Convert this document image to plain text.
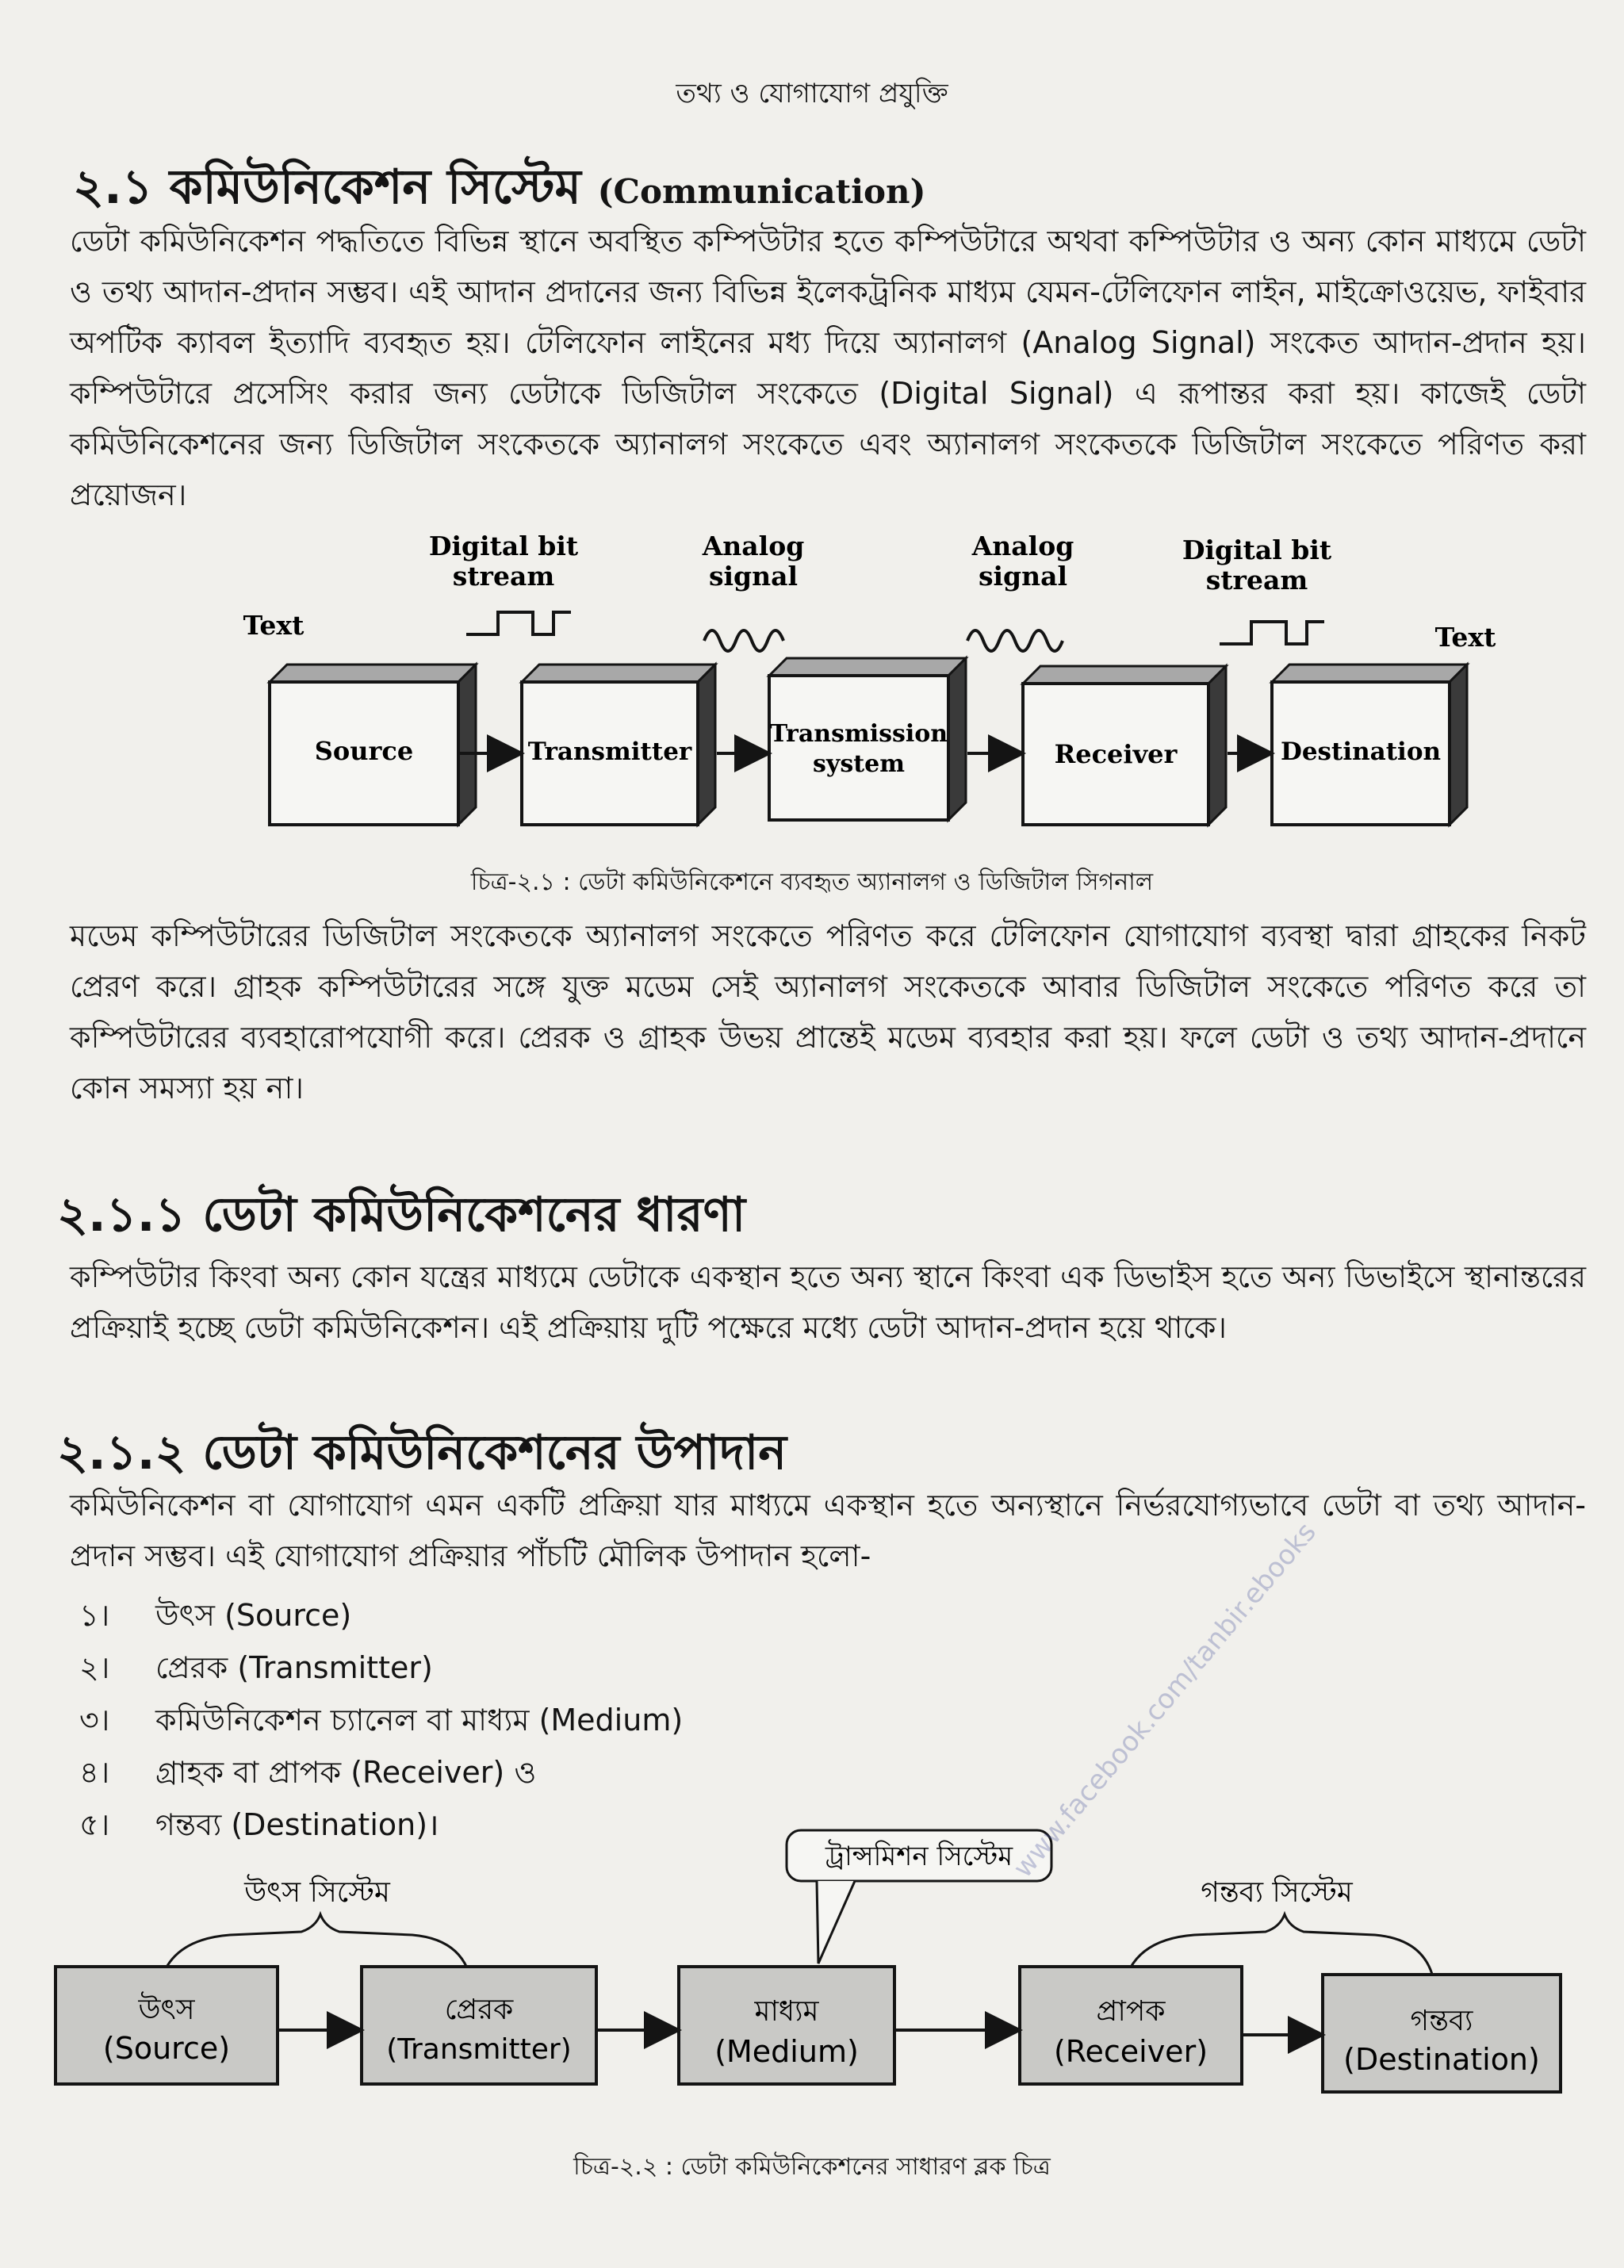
তথ্য ও যোগাযোগ প্রযুক্তি
২.১ কমিউনিকেশন সিস্টেম (Communication)

ডেটা কমিউনিকেশন পদ্ধতিতে বিভিন্ন স্থানে অবস্থিত কম্পিউটার হতে কম্পিউটারে অথবা কম্পিউটার ও অন্য কোন মাধ্যমে ডেটা ও তথ্য আদান-প্রদান সম্ভব। এই আদান প্রদানের জন্য বিভিন্ন ইলেকট্রনিক মাধ্যম যেমন-টেলিফোন লাইন, মাইক্রোওয়েভ, ফাইবার অপটিক ক্যাবল ইত্যাদি ব্যবহৃত হয়। টেলিফোন লাইনের মধ্য দিয়ে অ্যানালগ (Analog Signal) সংকেত আদান-প্রদান হয়। কম্পিউটারে প্রসেসিং করার জন্য ডেটাকে ডিজিটাল সংকেতে (Digital Signal) এ রূপান্তর করা হয়। কাজেই ডেটা কমিউনিকেশনের জন্য ডিজিটাল সংকেতকে অ্যানালগ সংকেতে এবং অ্যানালগ সংকেতকে ডিজিটাল সংকেতে পরিণত করা প্রয়োজন।

Digital bit
stream
Analog
signal
Analog
signal
Digital bit
stream
Text	Text
Source	Transmitter
Transmission
system	Receiver	Destination
চিত্র-২.১ : ডেটা কমিউনিকেশনে ব্যবহৃত অ্যানালগ ও ডিজিটাল সিগনাল

মডেম কম্পিউটারের ডিজিটাল সংকেতকে অ্যানালগ সংকেতে পরিণত করে টেলিফোন যোগাযোগ ব্যবস্থা দ্বারা গ্রাহকের নিকট প্রেরণ করে। গ্রাহক কম্পিউটারের সঙ্গে যুক্ত মডেম সেই অ্যানালগ সংকেতকে আবার ডিজিটাল সংকেতে পরিণত করে তা কম্পিউটারের ব্যবহারোপযোগী করে। প্রেরক ও গ্রাহক উভয় প্রান্তেই মডেম ব্যবহার করা হয়। ফলে ডেটা ও তথ্য আদান-প্রদানে কোন সমস্যা হয় না।

২.১.১ ডেটা কমিউনিকেশনের ধারণা

কম্পিউটার কিংবা অন্য কোন যন্ত্রের মাধ্যমে ডেটাকে একস্থান হতে অন্য স্থানে কিংবা এক ডিভাইস হতে অন্য ডিভাইসে স্থানান্তরের প্রক্রিয়াই হচ্ছে ডেটা কমিউনিকেশন। এই প্রক্রিয়ায় দুটি পক্ষেরে মধ্যে ডেটা আদান-প্রদান হয়ে থাকে।

২.১.২ ডেটা কমিউনিকেশনের উপাদান

কমিউনিকেশন বা যোগাযোগ এমন একটি প্রক্রিয়া যার মাধ্যমে একস্থান হতে অন্যস্থানে নির্ভরযোগ্যভাবে ডেটা বা তথ্য আদান-প্রদান সম্ভব। এই যোগাযোগ প্রক্রিয়ার পাঁচটি মৌলিক উপাদান হলো-

১। উৎস (Source)
২। প্রেরক (Transmitter)
৩। কমিউনিকেশন চ্যানেল বা মাধ্যম (Medium)
৪। গ্রাহক বা প্রাপক (Receiver) ও
৫। গন্তব্য (Destination)।
উৎস সিস্টেম
ট্রান্সমিশন সিস্টেম
গন্তব্য সিস্টেম
উৎস
(Source)
প্রেরক
(Transmitter)
মাধ্যম
(Medium)
প্রাপক
(Receiver)
গন্তব্য
(Destination)
চিত্র-২.২ : ডেটা কমিউনিকেশনের সাধারণ ব্লক চিত্র
www.facebook.com/tanbir.ebooks
